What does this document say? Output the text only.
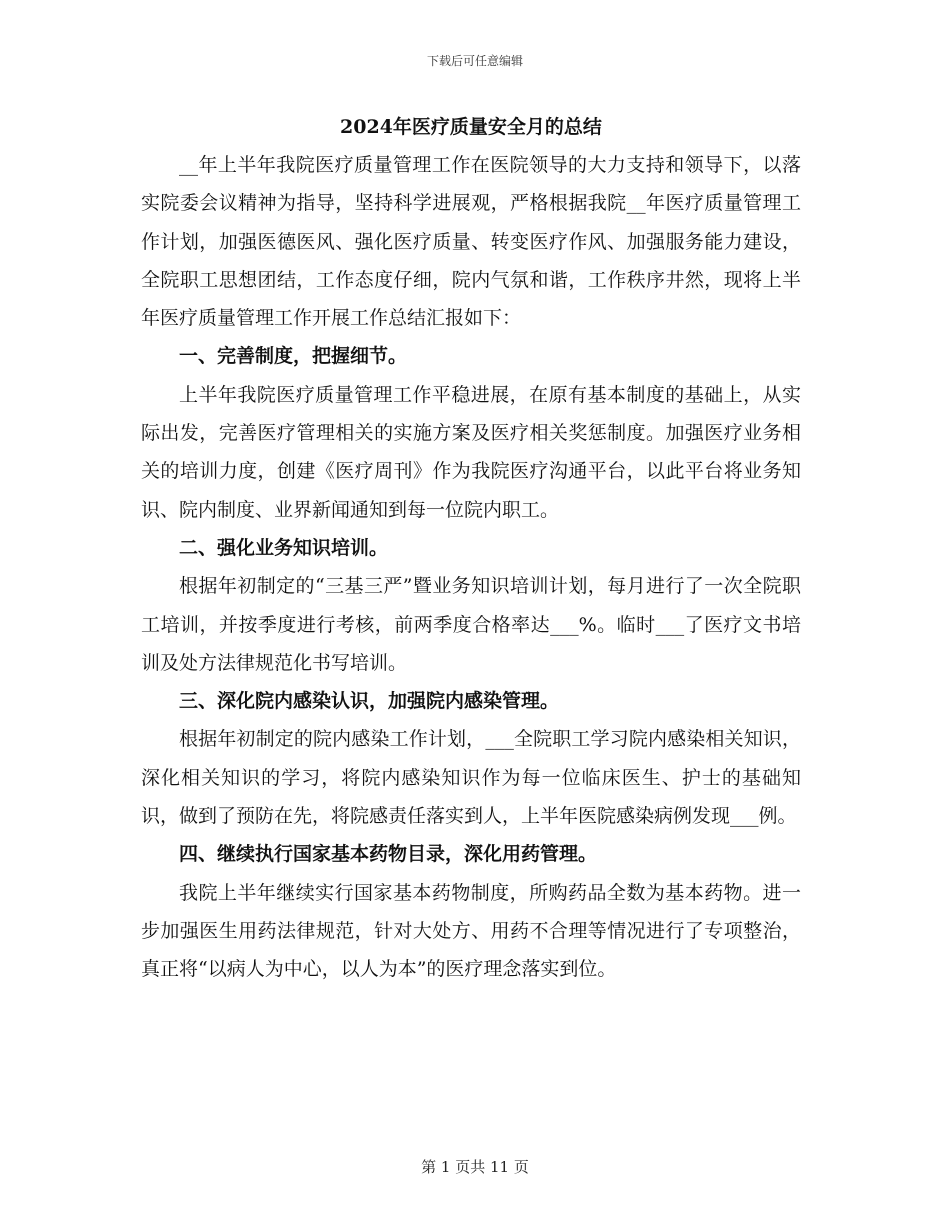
下载后可任意编辑
2024年医疗质量安全月的总结

__年上半年我院医疗质量管理工作在医院领导的大力支持和领导下，以落实院委会议精神为指导，坚持科学进展观，严格根据我院__年医疗质量管理工作计划，加强医德医风、强化医疗质量、转变医疗作风、加强服务能力建设，全院职工思想团结，工作态度仔细，院内气氛和谐，工作秩序井然，现将上半年医疗质量管理工作开展工作总结汇报如下：

一、完善制度，把握细节。

上半年我院医疗质量管理工作平稳进展，在原有基本制度的基础上，从实际出发，完善医疗管理相关的实施方案及医疗相关奖惩制度。加强医疗业务相关的培训力度，创建《医疗周刊》作为我院医疗沟通平台，以此平台将业务知识、院内制度、业界新闻通知到每一位院内职工。

二、强化业务知识培训。

根据年初制定的“三基三严”暨业务知识培训计划，每月进行了一次全院职工培训，并按季度进行考核，前两季度合格率达___%。临时___了医疗文书培训及处方法律规范化书写培训。

三、深化院内感染认识，加强院内感染管理。

根据年初制定的院内感染工作计划，___全院职工学习院内感染相关知识，深化相关知识的学习，将院内感染知识作为每一位临床医生、护士的基础知识，做到了预防在先，将院感责任落实到人，上半年医院感染病例发现___例。

四、继续执行国家基本药物目录，深化用药管理。

我院上半年继续实行国家基本药物制度，所购药品全数为基本药物。进一步加强医生用药法律规范，针对大处方、用药不合理等情况进行了专项整治，真正将“以病人为中心，以人为本”的医疗理念落实到位。

第 1 页共 11 页
